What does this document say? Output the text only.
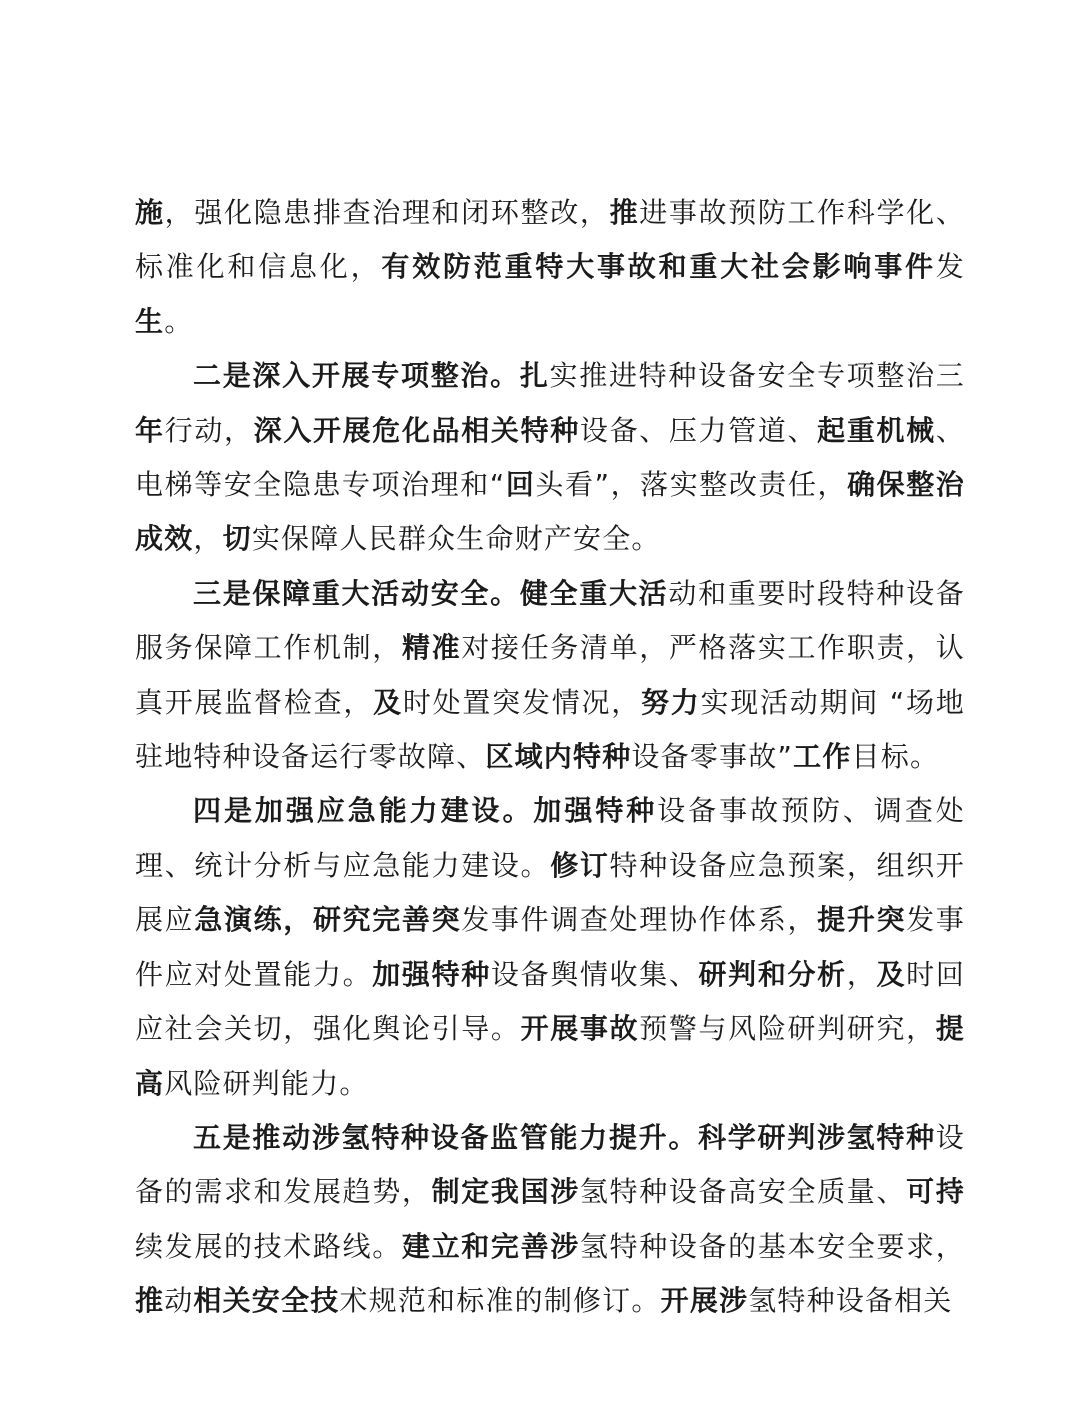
施，强化隐患排查治理和闭环整改，推进事故预防工作科学化、标准化和信息化，有效防范重特大事故和重大社会影响事件发生。

二是深入开展专项整治。扎实推进特种设备安全专项整治三年行动，深入开展危化品相关特种设备、压力管道、起重机械、电梯等安全隐患专项治理和“回头看”，落实整改责任，确保整治成效，切实保障人民群众生命财产安全。

三是保障重大活动安全。健全重大活动和重要时段特种设备服务保障工作机制，精准对接任务清单，严格落实工作职责，认真开展监督检查，及时处置突发情况，努力实现活动期间 “场地驻地特种设备运行零故障、区域内特种设备零事故”工作目标。

四是加强应急能力建设。加强特种设备事故预防、调查处理、统计分析与应急能力建设。修订特种设备应急预案，组织开展应急演练，研究完善突发事件调查处理协作体系，提升突发事件应对处置能力。加强特种设备舆情收集、研判和分析，及时回应社会关切，强化舆论引导。开展事故预警与风险研判研究，提高风险研判能力。

五是推动涉氢特种设备监管能力提升。科学研判涉氢特种设备的需求和发展趋势，制定我国涉氢特种设备高安全质量、可持续发展的技术路线。建立和完善涉氢特种设备的基本安全要求，推动相关安全技术规范和标准的制修订。开展涉氢特种设备相关
